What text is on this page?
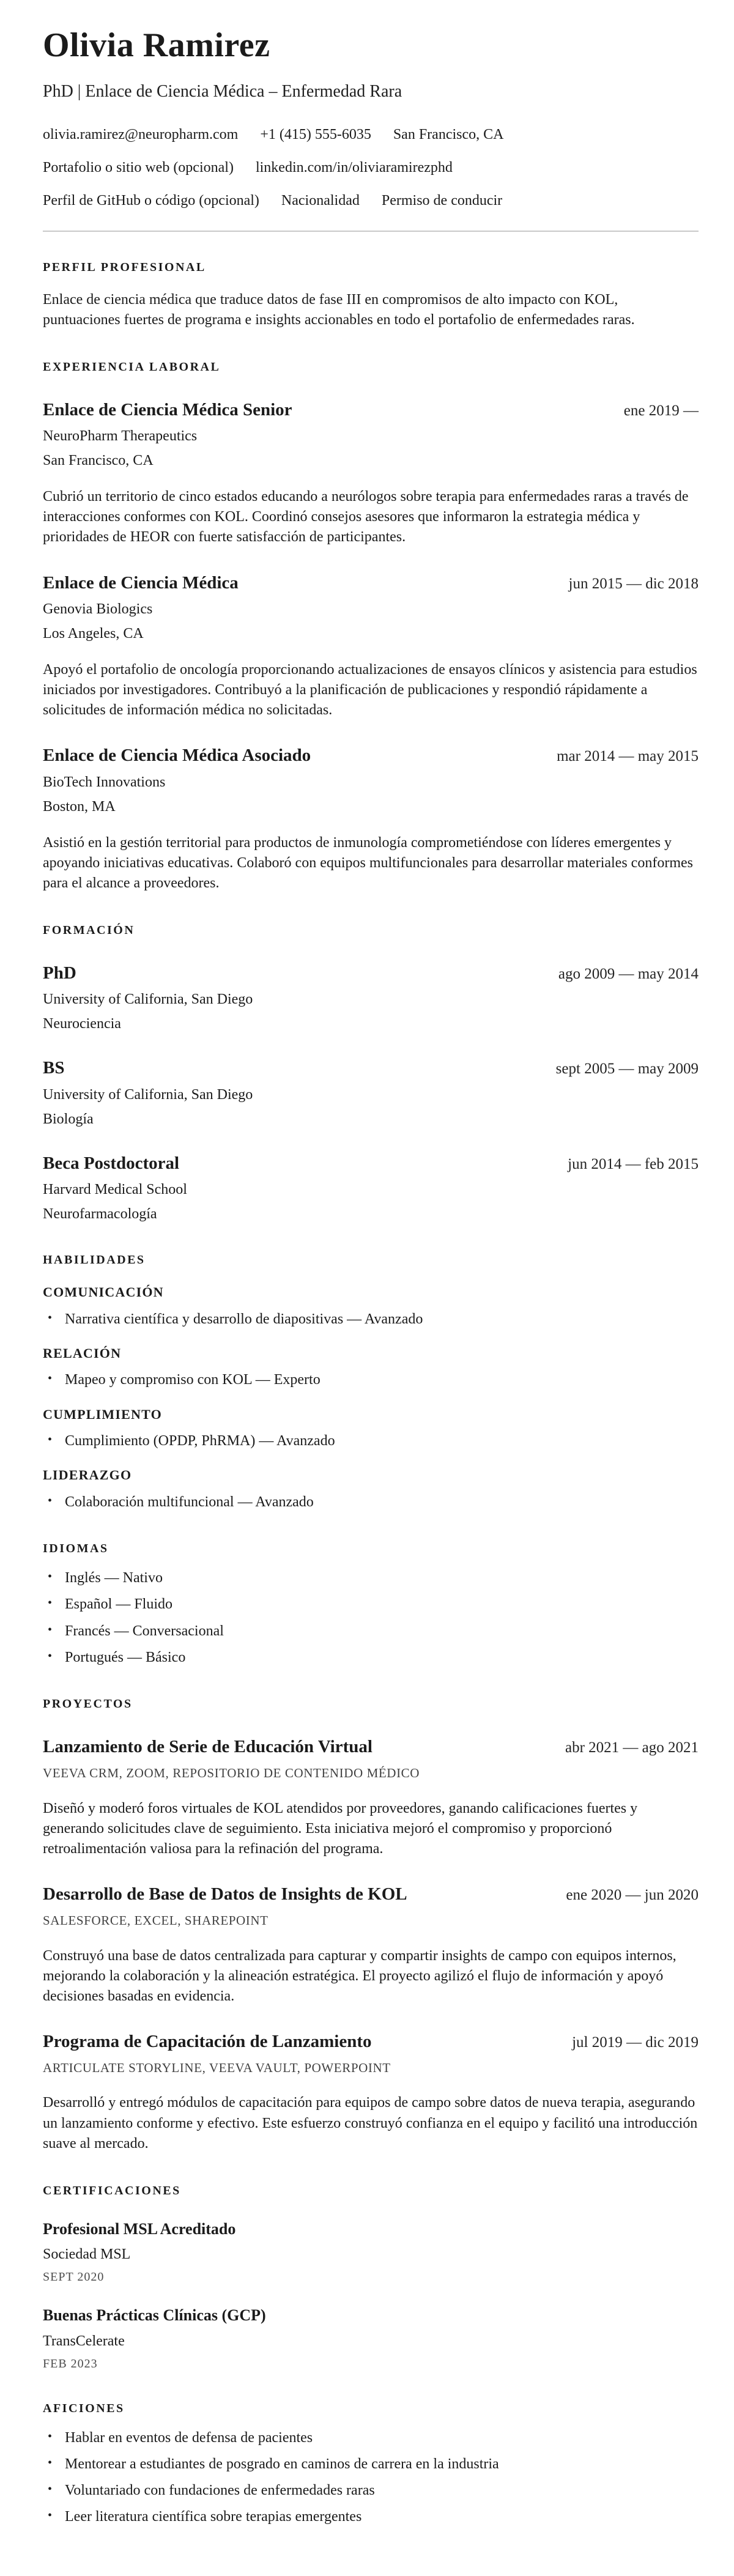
Olivia Ramirez
PhD | Enlace de Ciencia Médica – Enfermedad Rara
olivia.ramirez@neuropharm.com +1 (415) 555-6035 San Francisco, CA
Portafolio o sitio web (opcional) linkedin.com/in/oliviaramirezphd
Perfil de GitHub o código (opcional) Nacionalidad Permiso de conducir
PERFIL PROFESIONAL

Enlace de ciencia médica que traduce datos de fase III en compromisos de alto impacto con KOL, puntuaciones fuertes de programa e insights accionables en todo el portafolio de enfermedades raras.

EXPERIENCIA LABORAL
Enlace de Ciencia Médica Senior	ene 2019 —
NeuroPharm Therapeutics
San Francisco, CA

Cubrió un territorio de cinco estados educando a neurólogos sobre terapia para enfermedades raras a través de interacciones conformes con KOL. Coordinó consejos asesores que informaron la estrategia médica y prioridades de HEOR con fuerte satisfacción de participantes.

Enlace de Ciencia Médica	jun 2015 — dic 2018
Genovia Biologics
Los Angeles, CA

Apoyó el portafolio de oncología proporcionando actualizaciones de ensayos clínicos y asistencia para estudios iniciados por investigadores. Contribuyó a la planificación de publicaciones y respondió rápidamente a solicitudes de información médica no solicitadas.

Enlace de Ciencia Médica Asociado	mar 2014 — may 2015
BioTech Innovations
Boston, MA

Asistió en la gestión territorial para productos de inmunología comprometiéndose con líderes emergentes y apoyando iniciativas educativas. Colaboró con equipos multifuncionales para desarrollar materiales conformes para el alcance a proveedores.

FORMACIÓN
PhD	ago 2009 — may 2014
University of California, San Diego
Neurociencia
BS	sept 2005 — may 2009
University of California, San Diego
Biología
Beca Postdoctoral	jun 2014 — feb 2015
Harvard Medical School
Neurofarmacología
HABILIDADES
COMUNICACIÓN
• Narrativa científica y desarrollo de diapositivas — Avanzado
RELACIÓN
• Mapeo y compromiso con KOL — Experto
CUMPLIMIENTO
• Cumplimiento (OPDP, PhRMA) — Avanzado
LIDERAZGO
• Colaboración multifuncional — Avanzado
IDIOMAS
• Inglés — Nativo
• Español — Fluido
• Francés — Conversacional
• Portugués — Básico
PROYECTOS
Lanzamiento de Serie de Educación Virtual	abr 2021 — ago 2021
VEEVA CRM, ZOOM, REPOSITORIO DE CONTENIDO MÉDICO

Diseñó y moderó foros virtuales de KOL atendidos por proveedores, ganando calificaciones fuertes y generando solicitudes clave de seguimiento. Esta iniciativa mejoró el compromiso y proporcionó retroalimentación valiosa para la refinación del programa.

Desarrollo de Base de Datos de Insights de KOL	ene 2020 — jun 2020
SALESFORCE, EXCEL, SHAREPOINT

Construyó una base de datos centralizada para capturar y compartir insights de campo con equipos internos, mejorando la colaboración y la alineación estratégica. El proyecto agilizó el flujo de información y apoyó decisiones basadas en evidencia.

Programa de Capacitación de Lanzamiento	jul 2019 — dic 2019
ARTICULATE STORYLINE, VEEVA VAULT, POWERPOINT

Desarrolló y entregó módulos de capacitación para equipos de campo sobre datos de nueva terapia, asegurando un lanzamiento conforme y efectivo. Este esfuerzo construyó confianza en el equipo y facilitó una introducción suave al mercado.

CERTIFICACIONES
Profesional MSL Acreditado
Sociedad MSL
SEPT 2020
Buenas Prácticas Clínicas (GCP)
TransCelerate
FEB 2023
AFICIONES
• Hablar en eventos de defensa de pacientes
• Mentorear a estudiantes de posgrado en caminos de carrera en la industria
• Voluntariado con fundaciones de enfermedades raras
• Leer literatura científica sobre terapias emergentes
